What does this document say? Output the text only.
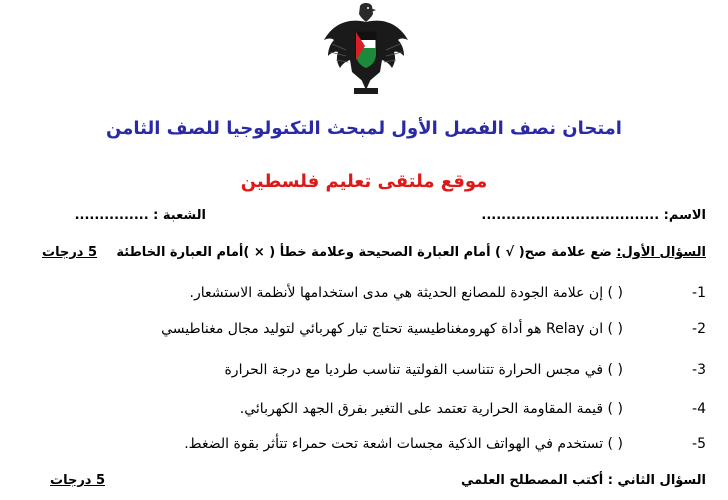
امتحان نصف الفصل الأول لمبحث التكنولوجيا للصف الثامن
موقع ملتقى تعليم فلسطين
الاسم: ....................................
الشعبة : ...............
السؤال الأول: ضع علامة صح( √ ) أمام العبارة الصحيحة وعلامة خطأ ( × )أمام العبارة الخاطئة
5 درجات
1- ( ) إن علامة الجودة للمصانع الحديثة هي مدى استخدامها لأنظمة الاستشعار.
2- ( ) ان Relay هو أداة كهرومغناطيسية تحتاج تيار كهربائي لتوليد مجال مغناطيسي
3- ( ) في مجس الحرارة تتناسب الفولتية تناسب طرديا مع درجة الحرارة
4- ( ) قيمة المقاومة الحرارية تعتمد على التغير بفرق الجهد الكهربائي.
5- ( ) تستخدم في الهواتف الذكية مجسات اشعة تحت حمراء تتأثر بقوة الضغط.
السؤال الثاني : أكتب المصطلح العلمي
5 درجات
